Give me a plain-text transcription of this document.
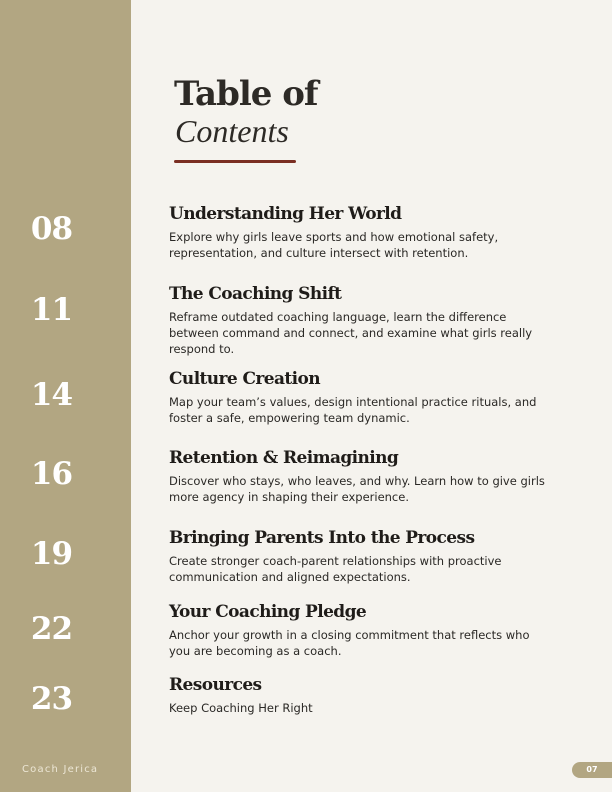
08
11
14
16
19
22
23
Coach Jerica
Table of
Contents
Understanding Her World
Explore why girls leave sports and how emotional safety, representation, and culture intersect with retention.
The Coaching Shift
Reframe outdated coaching language, learn the difference between command and connect, and examine what girls really respond to.
Culture Creation
Map your team’s values, design intentional practice rituals, and foster a safe, empowering team dynamic.
Retention & Reimagining
Discover who stays, who leaves, and why. Learn how to give girls more agency in shaping their experience.
Bringing Parents Into the Process
Create stronger coach-parent relationships with proactive communication and aligned expectations.
Your Coaching Pledge
Anchor your growth in a closing commitment that reflects who you are becoming as a coach.
Resources
Keep Coaching Her Right
07
